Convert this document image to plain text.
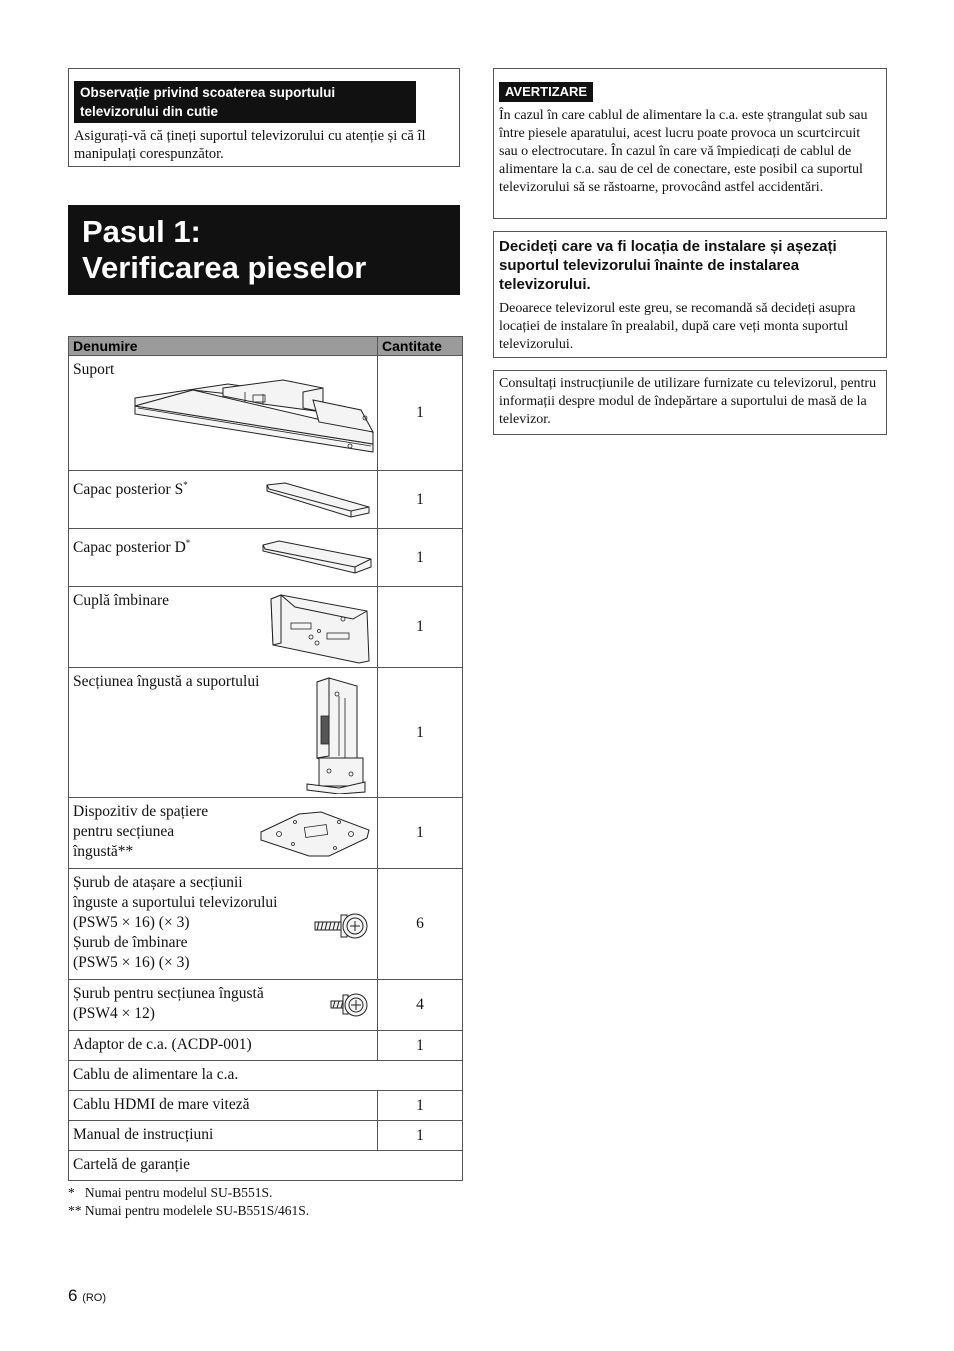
Observație privind scoaterea suportului televizorului din cutie
Asigurați-vă că țineți suportul televizorului cu atenție și că îl manipulați corespunzător.
Pasul 1:
Verificarea pieselor
Denumire	Cantitate

Suport	1

Capac posterior S*	1

Capac posterior D*	1

Cuplă îmbinare	1

Secțiunea îngustă a suportului	1

Dispozitiv de spațiere
pentru secțiunea
îngustă**	1

Șurub de atașare a secțiunii
înguste a suportului televizorului
(PSW5 × 16) (× 3)
Șurub de îmbinare
(PSW5 × 16) (× 3)	6

Șurub pentru secțiunea îngustă
(PSW4 × 12)	4

Adaptor de c.a. (ACDP-001)	1

Cablu de alimentare la c.a.	

Cablu HDMI de mare viteză	1

Manual de instrucțiuni	1

Cartelă de garanție	
*   Numai pentru modelul SU-B551S.
** Numai pentru modelele SU-B551S/461S.
6 (RO)
AVERTIZARE
În cazul în care cablul de alimentare la c.a. este ștrangulat sub sau între piesele aparatului, acest lucru poate provoca un scurtcircuit sau o electrocutare. În cazul în care vă împiedicați de cablul de alimentare la c.a. sau de cel de conectare, este posibil ca suportul televizorului să se răstoarne, provocând astfel accidentări.
Decideți care va fi locația de instalare și așezați suportul televizorului înainte de instalarea televizorului.
Deoarece televizorul este greu, se recomandă să decideți asupra locației de instalare în prealabil, după care veți monta suportul televizorului.
Consultați instrucțiunile de utilizare furnizate cu televizorul, pentru informații despre modul de îndepărtare a suportului de masă de la televizor.
